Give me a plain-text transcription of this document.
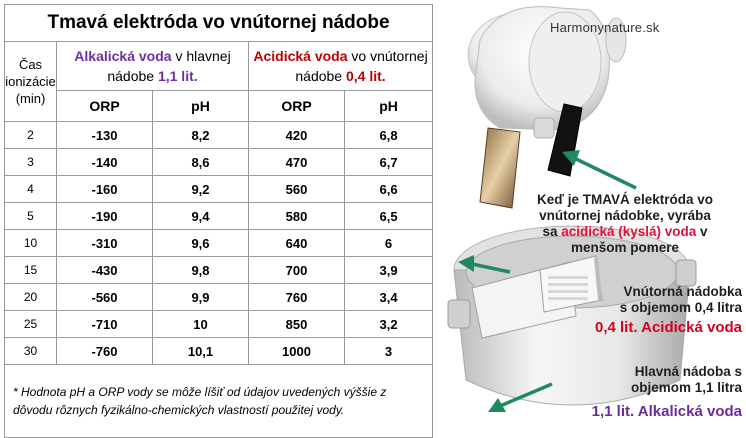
Tmavá elektróda vo vnútornej nádobe				

Čas
ionizácie
(min)	Alkalická voda v hlavnej
nádobe 1,1 lit.		Acidická voda vo vnútornej
nádobe 0,4 lit.	
	ORP	pH	ORP	pH
2	-130	8,2	420	6,8
3	-140	8,6	470	6,7
4	-160	9,2	560	6,6
5	-190	9,4	580	6,5
10	-310	9,6	640	6
15	-430	9,8	700	3,9
20	-560	9,9	760	3,4
25	-710	10	850	3,2
30	-760	10,1	1000	3
* Hodnota pH a ORP vody se môže líšiť od údajov uvedených výššie z dôvodu rôznych fyzikálno-chemických vlastností použitej vody.				
Harmonynature.sk
Keď je TMAVÁ elektróda vo
vnútornej nádobke, vyrába
sa acidická (kyslá) voda v
menšom pomere
Vnútorná nádobka
s objemom 0,4 litra
0,4 lit. Acidická voda
Hlavná nádoba s
objemom 1,1 litra
1,1 lit. Alkalická voda
